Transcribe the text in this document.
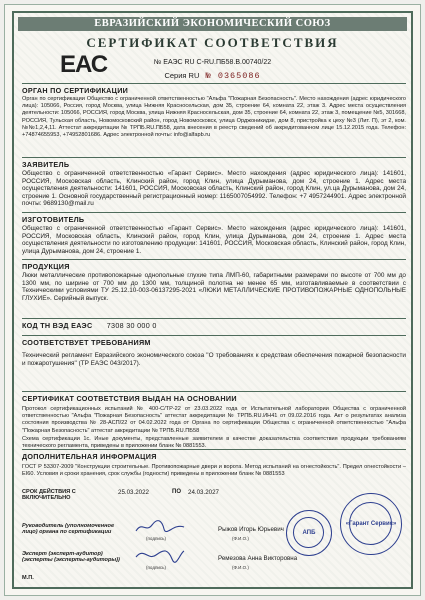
ЕВРАЗИЙСКИЙ ЭКОНОМИЧЕСКИЙ СОЮЗ
СЕРТИФИКАТ СООТВЕТСТВИЯ
ЕАС	№ ЕАЭС RU С-RU.ПБ58.В.00740/22
Серия RU № 0365086

ОРГАН ПО СЕРТИФИКАЦИИ

Орган по сертификации Общество с ограниченной ответственностью "Альфа "Пожарная Безопасность". Место нахождения (адрес юридического лица): 105066, Россия, город Москва, улица Нижняя Красносельская, дом 35, строение 64, комната 22, этаж 3. Адрес места осуществления деятельности: 105066, РОССИЯ, город Москва, улица Нижняя Красносельская, дом 35, строение 64, комната 22, этаж 3, помещение №5, 301668, РОССИЯ, Тульская область, Новомосковский район, город Новомосковск, улица Орджоникидзе, дом 8, пристройка к цеху №3 (Лит. П), эт 2, ком. №№1,2,4,11. Аттестат аккредитации № ТРПБ.RU.ПБ58, дата внесения в реестр сведений об аккредитованном лице 15.12.2015 года. Телефон: +74874655953, +74952801686. Адрес электронной почты: info@alfapb.ru

ЗАЯВИТЕЛЬ

Общество с ограниченной ответственностью «Гарант Сервис». Место нахождения (адрес юридического лица): 141601, РОССИЯ, Московская область, Клинский район, город Клин, улица Дурыманова, дом 24, строение 1. Адрес места осуществления деятельности: 141601, РОССИЯ, Московская область, Клинский район, город Клин, ул.ца Дурыманова, дом 24, строение 1. Основной государственный регистрационный номер: 1165007054992. Телефон: +7 4957244901. Адрес электронной почты: 9689130@mail.ru

ИЗГОТОВИТЕЛЬ

Общество с ограниченной ответственностью «Гарант Сервис». Место нахождения (адрес юридического лица): 141601, РОССИЯ, Московская область, Клинский район, город Клин, улица Дурыманова, дом 24, строение 1. Адрес места осуществления деятельности по изготовлению продукции: 141601, РОССИЯ, Московская область, Клинский район, город Клин, улица Дурыманова, дом 24, строение 1.

ПРОДУКЦИЯ

Люки металлические противопожарные однопольные глухие типа ЛМП-60, габаритными размерами по высоте от 700 мм до 1300 мм, по ширине от 700 мм до 1300 мм, толщиной полотна не менее 65 мм, изготавливаемые в соответствии с Техническими условиями ТУ 25.12.10-003-06137295-2021 «ЛЮКИ МЕТАЛЛИЧЕСКИЕ ПРОТИВОПОЖАРНЫЕ ОДНОПОЛЬНЫЕ ГЛУХИЕ». Серийный выпуск.

КОД ТН ВЭД ЕАЭС 7308 30 000 0

СООТВЕТСТВУЕТ ТРЕБОВАНИЯМ

Технический регламент Евразийского экономического союза "О требованиях к средствам обеспечения пожарной безопасности и пожаротушения" (ТР ЕАЭС 043/2017).

СЕРТИФИКАТ СООТВЕТСТВИЯ ВЫДАН НА ОСНОВАНИИ

Протокол сертификационных испытаний № 400-С/ТР-22 от 23.03.2022 года от Испытательной лаборатории Общества с ограниченной ответственностью "Альфа "Пожарная Безопасность" аттестат аккредитации № ТРПБ.RU.ИН41 от 09.02.2016 года. Акт о результатах анализа состояния производства № 28-АСП/22 от 04.02.2022 года от Органа по сертификации Общества с ограниченной ответственностью "Альфа "Пожарная Безопасность" аттестат аккредитации № ТРПБ.RU.ПБ58

Схема сертификации 1с. Иные документы, представленные заявителем в качестве доказательства соответствия продукции требованиям технического регламента, приведены в приложении бланк № 0881553.

ДОПОЛНИТЕЛЬНАЯ ИНФОРМАЦИЯ

ГОСТ Р 53307-2009 "Конструкции строительные. Противопожарные двери и ворота. Метод испытаний на огнестойкость". Предел огнестойкости – EI60. Условия и сроки хранения, срок службы (годности) приведены в приложении бланк № 0881553

СРОК ДЕЙСТВИЯ С
ВКЛЮЧИТЕЛЬНО
25.03.2022	ПО 24.03.2027
Руководитель (уполномоченное лицо) органа по сертификации
(подпись)
Рыжов Игорь Юрьевич
(Ф.И.О.)
Эксперт (эксперт-аудитор) (эксперты (эксперты-аудиторы))
(подпись)
Ремезова Анна Викторовна
(Ф.И.О.)
М.П.
АПБ
«Гарант Сервис»
